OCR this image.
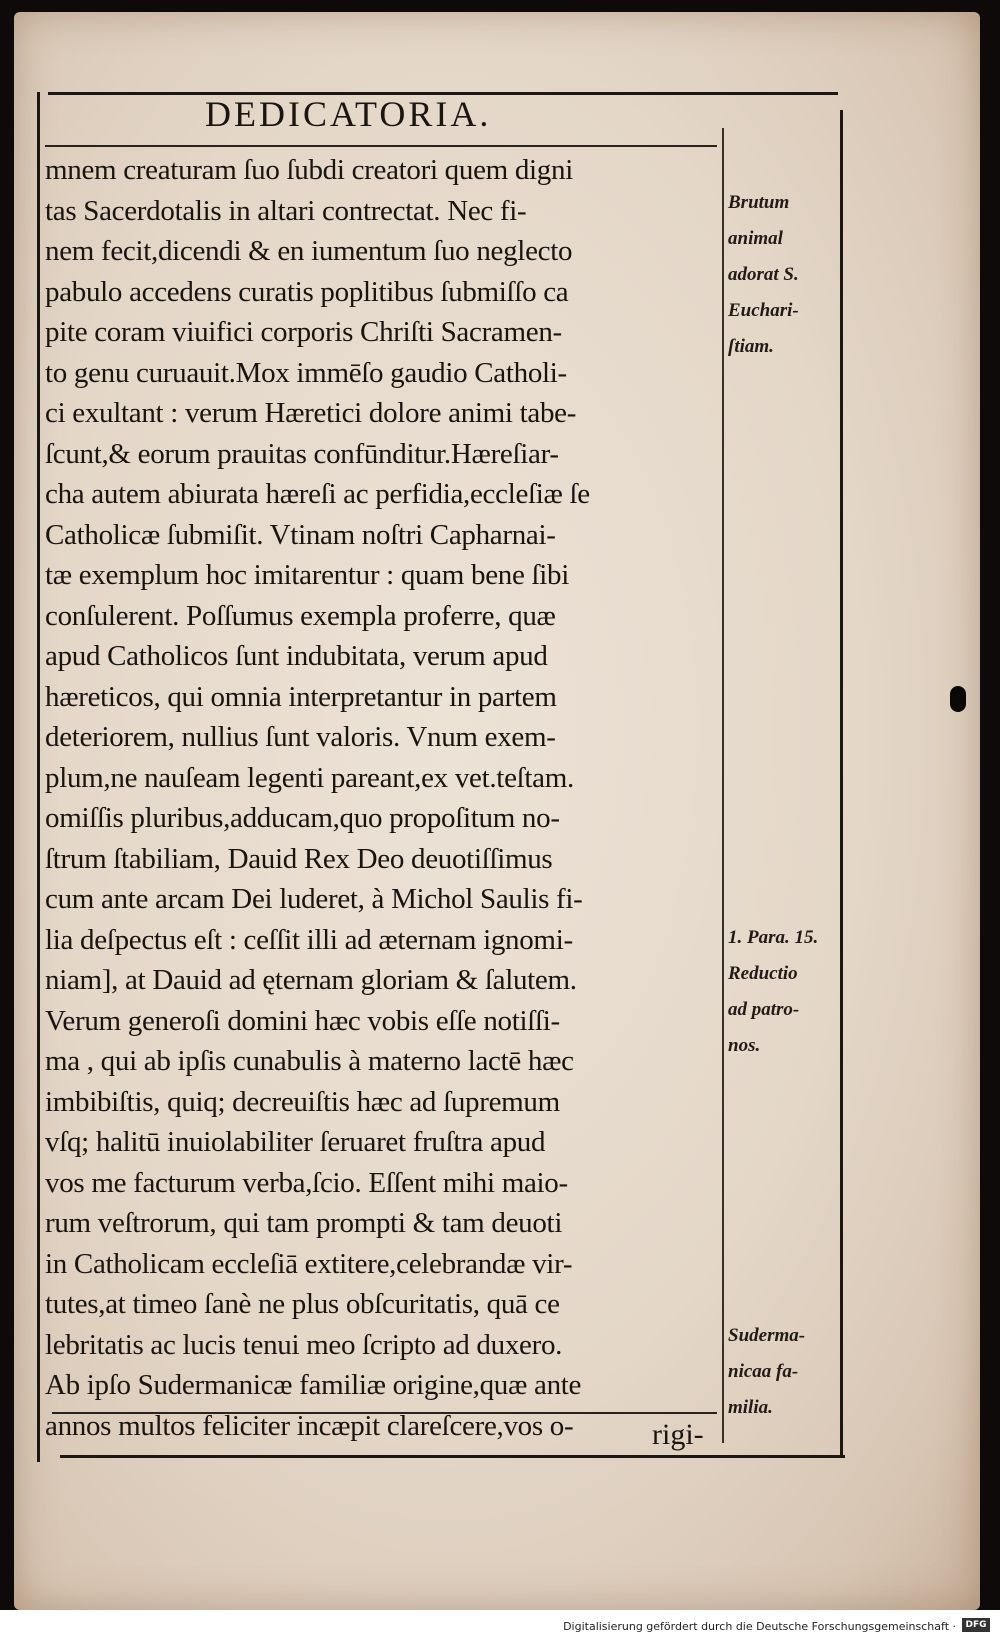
DEDICATORIA.
mnem creaturam ſuo ſubdi creatori quem digni
tas Sacerdotalis in altari contrectat. Nec fi-
nem fecit,dicendi & en iumentum ſuo neglecto
pabulo accedens curatis poplitibus ſubmiſſo ca
pite coram viuifici corporis Chriſti Sacramen-
to genu curuauit.Mox immēſo gaudio Catholi-
ci exultant : verum Hæretici dolore animi tabe-
ſcunt,& eorum prauitas confūnditur.Hæreſiar-
cha autem abiurata hæreſi ac perfidia,eccleſiæ ſe
Catholicæ ſubmiſit. Vtinam noſtri Capharnai-
tæ exemplum hoc imitarentur : quam bene ſibi
conſulerent. Poſſumus exempla proferre, quæ
apud Catholicos ſunt indubitata, verum apud
hæreticos, qui omnia interpretantur in partem
deteriorem, nullius ſunt valoris. Vnum exem-
plum,ne nauſeam legenti pareant,ex vet.teſtam.
omiſſis pluribus,adducam,quo propoſitum no-
ſtrum ſtabiliam, Dauid Rex Deo deuotiſſimus
cum ante arcam Dei luderet, à Michol Saulis fi-
lia deſpectus eſt : ceſſit illi ad æternam ignomi-
niam], at Dauid ad ęternam gloriam & ſalutem.
Verum generoſi domini hæc vobis eſſe notiſſi-
ma , qui ab ipſis cunabulis à materno lactē hæc
imbibiſtis, quiq; decreuiſtis hæc ad ſupremum
vſq; halitū inuiolabiliter ſeruaret fruſtra apud
vos me facturum verba,ſcio. Eſſent mihi maio-
rum veſtrorum, qui tam prompti & tam deuoti
in Catholicam eccleſiā extitere,celebrandæ vir-
tutes,at timeo ſanè ne plus obſcuritatis, quā ce
lebritatis ac lucis tenui meo ſcripto ad duxero.
Ab ipſo Sudermanicæ familiæ origine,quæ ante
annos multos feliciter incæpit clareſcere,vos o-	rigi-
Brutum
animal
adorat S.
Euchari-
ſtiam.
1. Para. 15.
Reductio
ad patro-
nos.
Suderma-
nicaa fa-
milia.
Digitalisierung gefördert durch die Deutsche Forschungsgemeinschaft ·	DFG
